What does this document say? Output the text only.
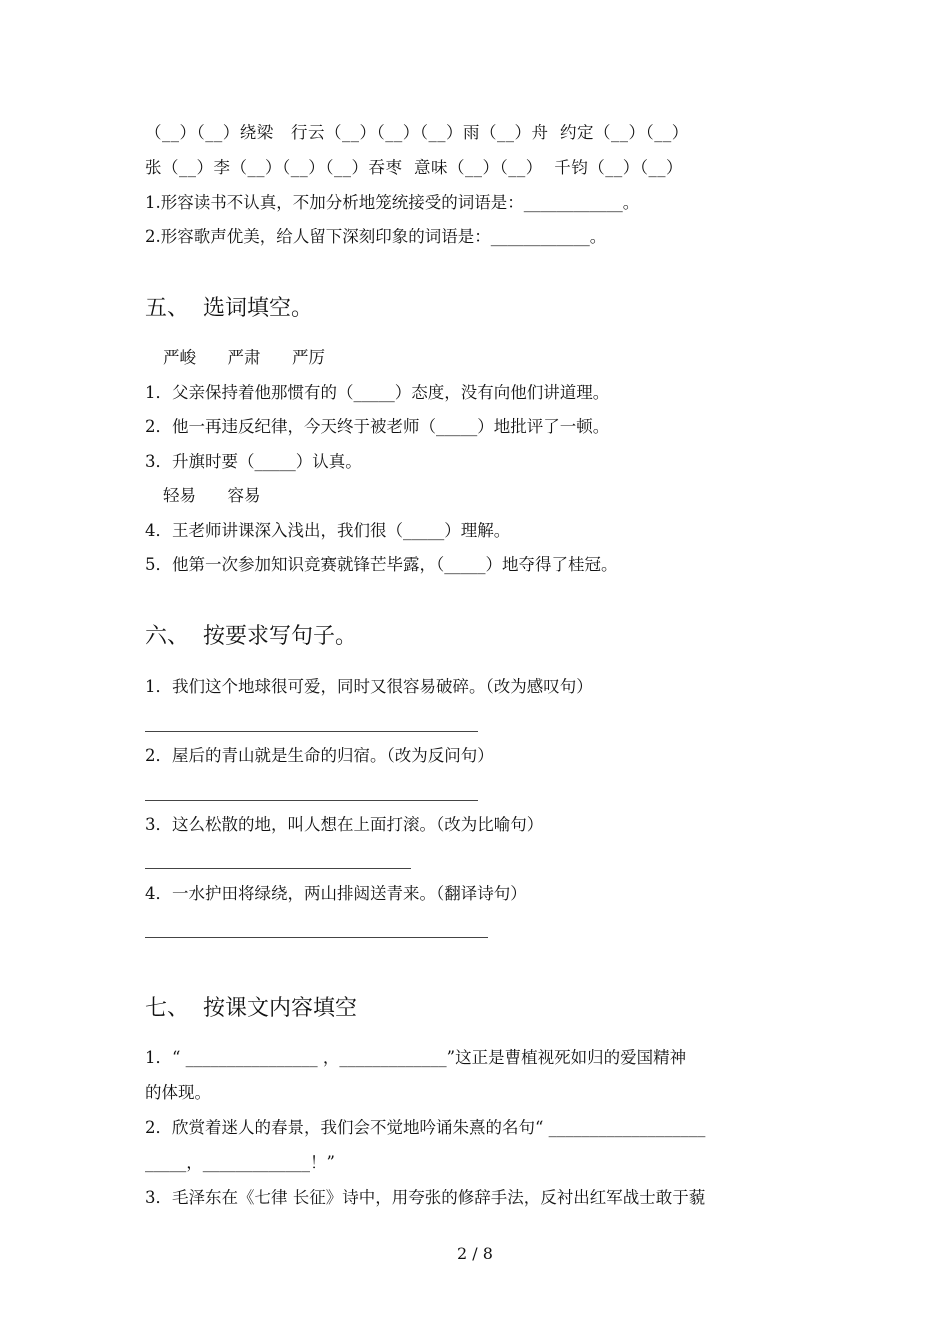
（__）（__）绕梁   行云（__）（__）（__）雨（__）舟  约定（__）（__）
张（__）李（__）（__）（__）吞枣  意味（__）（__）  千钧（__）（__）
1.形容读书不认真，不加分析地笼统接受的词语是：____________。
2.形容歌声优美，给人留下深刻印象的词语是：____________。
五、  选词填空。
严峻      严肃      严厉
1．父亲保持着他那惯有的（_____）态度，没有向他们讲道理。
2．他一再违反纪律，今天终于被老师（_____）地批评了一顿。
3．升旗时要（_____）认真。
轻易      容易
4．王老师讲课深入浅出，我们很（_____）理解。
5．他第一次参加知识竞赛就锋芒毕露，（_____）地夺得了桂冠。
六、  按要求写句子。
1．我们这个地球很可爱，同时又很容易破碎。（改为感叹句）
2．屋后的青山就是生命的归宿。（改为反问句）
3．这么松散的地，叫人想在上面打滚。（改为比喻句）
4．一水护田将绿绕，两山排闼送青来。（翻译诗句）
七、  按课文内容填空
1．“ ________________ ，_____________”这正是曹植视死如归的爱国精神
的体现。
2．欣赏着迷人的春景，我们会不觉地吟诵朱熹的名句“ ___________________
_____，_____________！”
3．毛泽东在《七律 长征》诗中，用夸张的修辞手法，反衬出红军战士敢于藐
2 / 8
